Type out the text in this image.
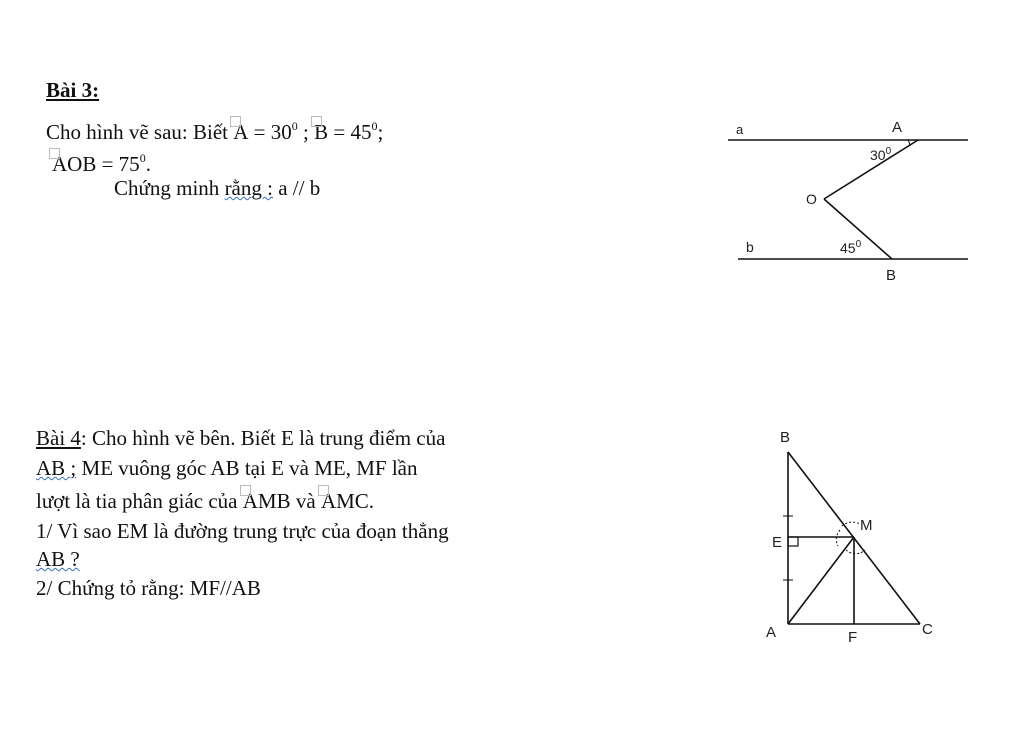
Bài 3:
Cho hình vẽ sau: Biết $A = 30^0$ ; $B = 45^0$;
AOB = $75^0$.
Chứng minh rằng : a // b
a
b
A
O
B
$30^0$
$45^0$
Bài 4: Cho hình vẽ bên. Biết E là trung điểm của
AB ; ME vuông góc AB tại E và ME, MF lần
lượt là tia phân giác của AMB và AMC.
1/ Vì sao EM là đường trung trực của đoạn thẳng
AB ?
2/ Chứng tỏ rằng: MF//AB
B
E
M
A	F	C
